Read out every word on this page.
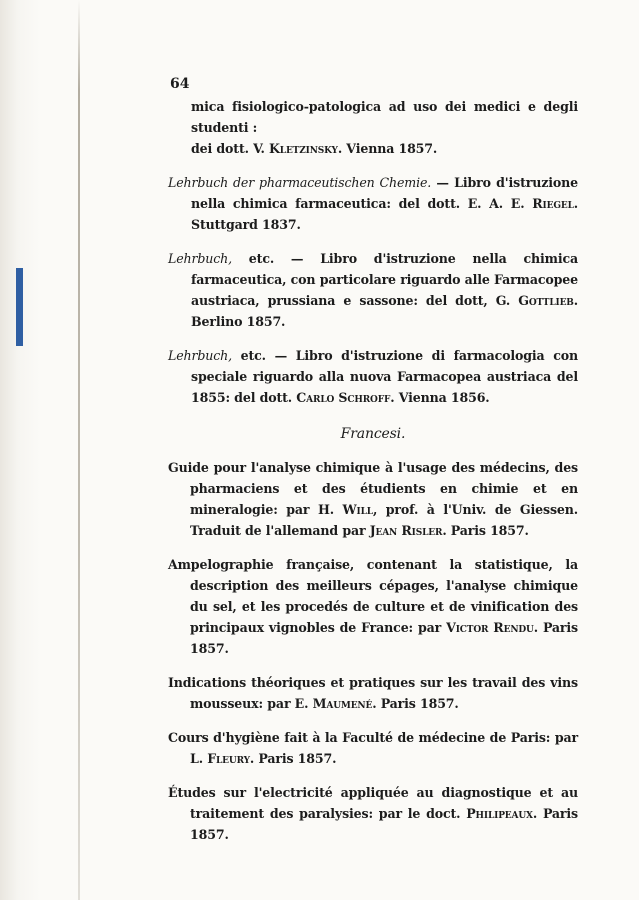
64

mica fisiologico-patologica ad uso dei medici e degli studenti :
dei dott. V. Kletzinsky. Vienna 1857.

Lehrbuch der pharmaceutischen Chemie. — Libro d'istruzione nella chimica farmaceutica: del dott. E. A. E. Riegel. Stuttgard 1837.

Lehrbuch, etc. — Libro d'istruzione nella chimica farmaceutica, con particolare riguardo alle Farmacopee austriaca, prussiana e sassone: del dott, G. Gottlieb. Berlino 1857.

Lehrbuch, etc. — Libro d'istruzione di farmacologia con speciale riguardo alla nuova Farmacopea austriaca del 1855: del dott. Carlo Schroff. Vienna 1856.

Francesi.

Guide pour l'analyse chimique à l'usage des médecins, des pharmaciens et des étudients en chimie et en mineralogie: par H. Will, prof. à l'Univ. de Giessen. Traduit de l'allemand par Jean Risler. Paris 1857.

Ampelographie française, contenant la statistique, la description des meilleurs cépages, l'analyse chimique du sel, et les procedés de culture et de vinification des principaux vignobles de France: par Victor Rendu. Paris 1857.

Indications théoriques et pratiques sur les travail des vins mousseux: par E. Maumené. Paris 1857.

Cours d'hygiène fait à la Faculté de médecine de Paris: par L. Fleury. Paris 1857.

Études sur l'electricité appliquée au diagnostique et au traitement des paralysies: par le doct. Philipeaux. Paris 1857.
